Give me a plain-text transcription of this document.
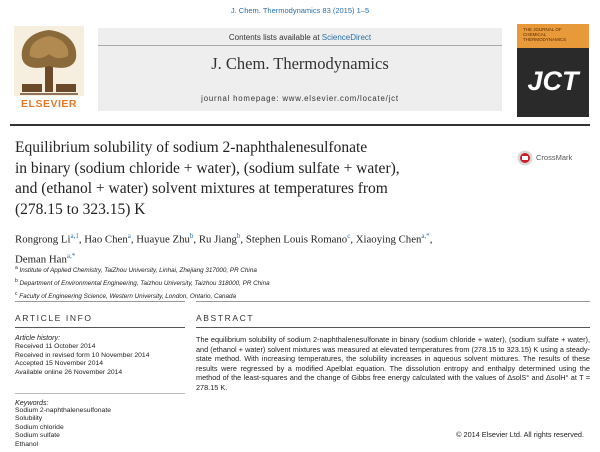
J. Chem. Thermodynamics 83 (2015) 1–5
ELSEVIER
Contents lists available at ScienceDirect
J. Chem. Thermodynamics
journal homepage: www.elsevier.com/locate/jct
THE JOURNAL OF CHEMICAL THERMODYNAMICS
JCT
Equilibrium solubility of sodium 2-naphthalenesulfonate
in binary (sodium chloride + water), (sodium sulfate + water),
and (ethanol + water) solvent mixtures at temperatures from
(278.15 to 323.15) K
CrossMark
Rongrong Li$^{a,1}$, Hao Chen$^a$, Huayue Zhu$^b$, Ru Jiang$^b$, Stephen Louis Romano$^c$, Xiaoying Chen$^{a,*}$,
Deman Han$^{a,*}$
$^a$ Institute of Applied Chemistry, TaiZhou University, Linhai, Zhejiang 317000, PR China
$^b$ Department of Environmental Engineering, Taizhou University, Taizhou 318000, PR China
$^c$ Faculty of Engineering Science, Western University, London, Ontario, Canada
ARTICLE INFO
Article history:
Received 11 October 2014
Received in revised form 10 November 2014
Accepted 15 November 2014
Available online 26 November 2014
Keywords:
Sodium 2-naphthalenesulfonate
Solubility
Sodium chloride
Sodium sulfate
Ethanol
ABSTRACT
The equilibrium solubility of sodium 2-naphthalenesulfonate in binary (sodium chloride + water), (sodium sulfate + water), and (ethanol + water) solvent mixtures was measured at elevated temperatures from (278.15 to 323.15) K using a steady-state method. With increasing temperatures, the solubility increases in aqueous solvent mixtures. The results of these results were regressed by a modified Apelblat equation. The dissolution entropy and enthalpy determined using the method of the least-squares and the change of Gibbs free energy calculated with the values of ΔsolS° and ΔsolH° at T = 278.15 K.
© 2014 Elsevier Ltd. All rights reserved.
